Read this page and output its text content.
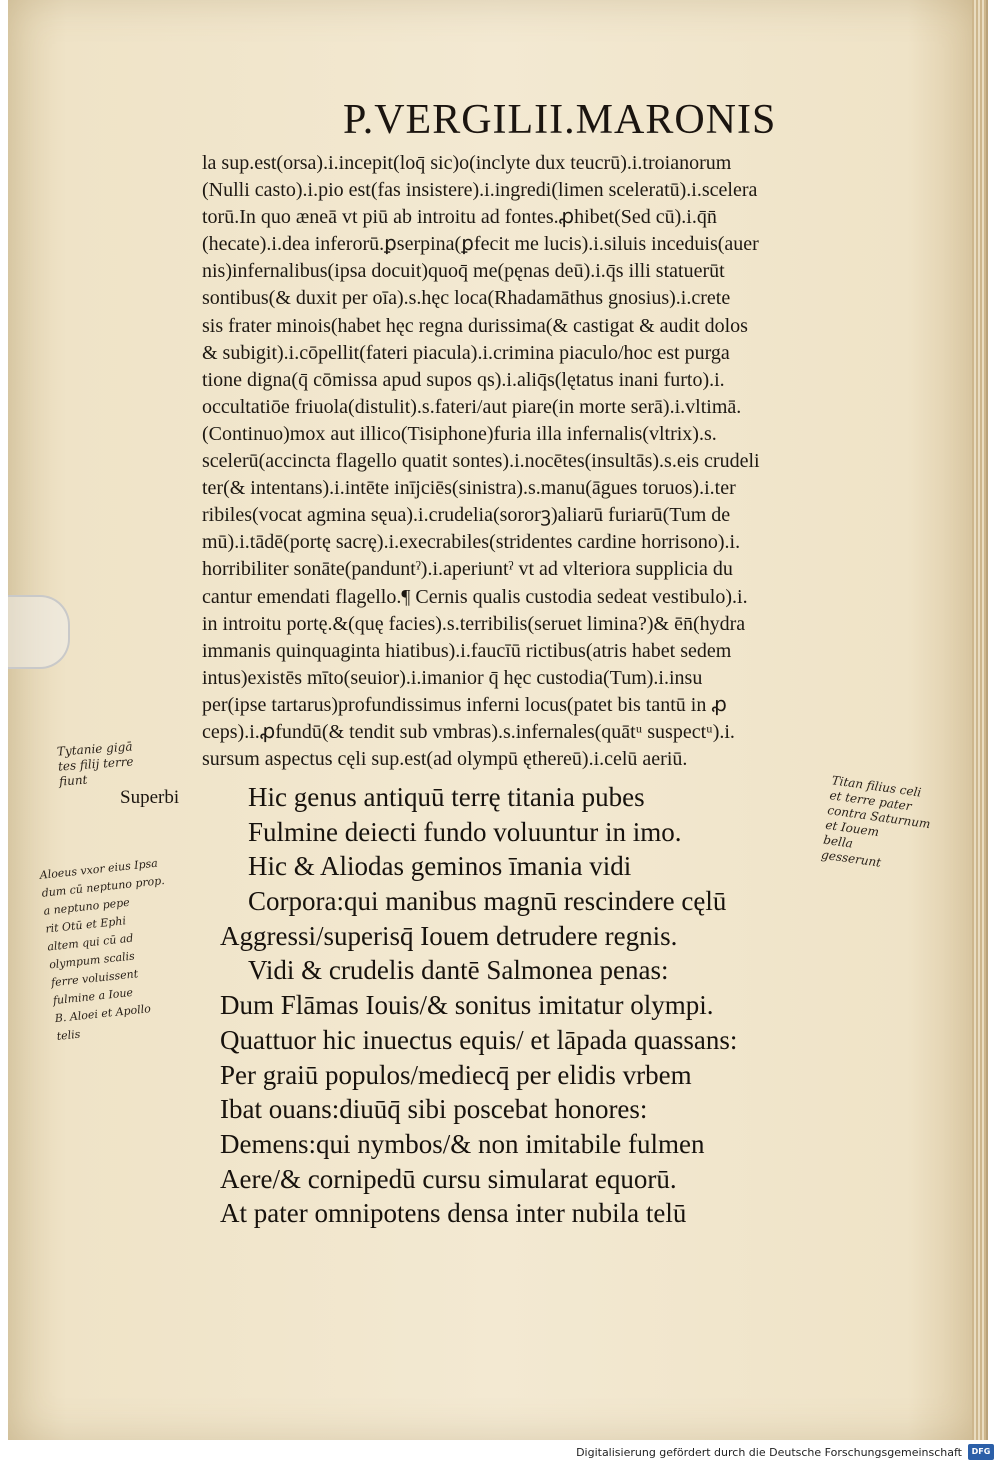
P.VERGILII.MARONIS
la sup.est(orsa).i.incepit(loq̄ sic)o(inclyte dux teucrū).i.troianorum
(Nulli casto).i.pio est(fas insistere).i.ingredi(limen sceleratū).i.scelera
torū.In quo æneā vt piū ab introitu ad fontes.ꝓhibet(Sed cū).i.q̄n̄
(hecate).i.dea inferorū.ꝑserpina(ꝑfecit me lucis).i.siluis inceduis(auer
nis)infernalibus(ipsa docuit)quoq̄ me(pęnas deū).i.q̄s illi statuerūt
sontibus(& duxit per oīa).s.hęc loca(Rhadamāthus gnosius).i.crete
sis frater minois(habet hęc regna durissima(& castigat & audit dolos
& subigit).i.cōpellit(fateri piacula).i.crimina piaculo/hoc est purga
tione digna(q̄ cōmissa apud supos qs).i.aliq̄s(lętatus inani furto).i.
occultatiōe friuola(distulit).s.fateri/aut piare(in morte serā).i.vltimā.
(Continuo)mox aut illico(Tisiphone)furia illa infernalis(vltrix).s.
scelerū(accincta flagello quatit sontes).i.nocētes(insultās).s.eis crudeli
ter(& intentans).i.intēte inījciēs(sinistra).s.manu(āgues toruos).i.ter
ribiles(vocat agmina sęua).i.crudelia(sororꝫ)aliarū furiarū(Tum de
mū).i.tādē(portę sacrę).i.execrabiles(stridentes cardine horrisono).i.
horribiliter sonāte(panduntˀ).i.aperiuntˀ vt ad vlteriora supplicia du
cantur emendati flagello.¶ Cernis qualis custodia sedeat vestibulo).i.
in introitu portę.&(quę facies).s.terribilis(seruet limina?)& ēn̄(hydra
immanis quinquaginta hiatibus).i.faucīū rictibus(atris habet sedem
intus)existēs mīto(seuior).i.imanior q̄ hęc custodia(Tum).i.insu
per(ipse tartarus)profundissimus inferni locus(patet bis tantū in ꝓ
ceps).i.ꝓfundū(& tendit sub vmbras).s.infernales(quātᵘ suspectᵘ).i.
sursum aspectus cęli sup.est(ad olympū ęthereū).i.celū aeriū.
Superbi	Hic genus antiquū terrę titania pubes
Fulmine deiecti fundo voluuntur in imo.
Hic & Aliodas geminos īmania vidi
Corpora:qui manibus magnū rescindere cęlū
Aggressi/superisq̄ Iouem detrudere regnis.
Vidi & crudelis dantē Salmonea penas:
Dum Flāmas Iouis/& sonitus imitatur olympi.
Quattuor hic inuectus equis/ et lāpada quassans:
Per graiū populos/mediecq̄ per elidis vrbem
Ibat ouans:diuūq̄ sibi poscebat honores:
Demens:qui nymbos/& non imitabile fulmen
Aere/& cornipedū cursu simularat equorū.
At pater omnipotens densa inter nubila telū
Tytanie gigā
tes filij terre
fiunt	
Aloeus vxor eius Ipsa
dum cū neptuno prop.
a neptuno pepe
rit Otū et Ephi
altem qui cū ad
olympum scalis
ferre voluissent
fulmine a Ioue
B. Aloei et Apollo
telis	
Titan filius celi
et terre pater
contra Saturnum
et Iouem
bella
gesserunt	
Digitalisierung gefördert durch die Deutsche Forschungsgemeinschaft	DFG
